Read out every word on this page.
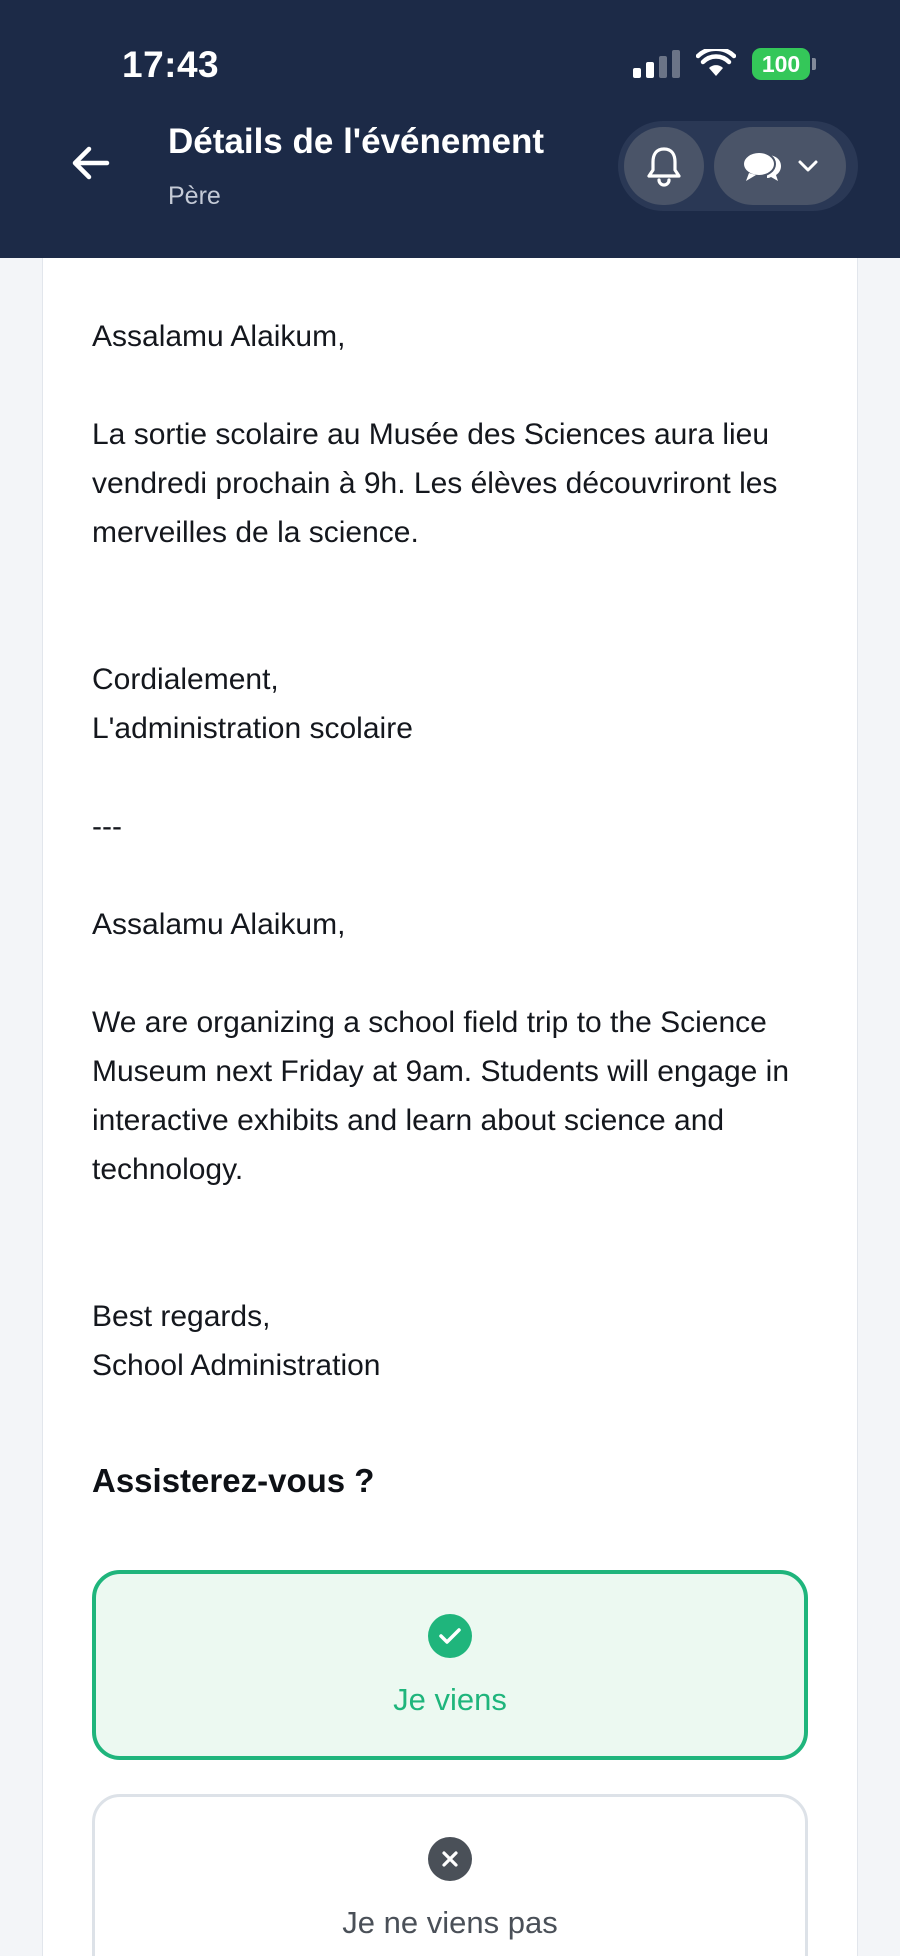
17:43	100
Détails de l'événement
Père
Assalamu Alaikum,

La sortie scolaire au Musée des Sciences aura lieu vendredi prochain à 9h. Les élèves découvriront les merveilles de la science.

Cordialement,
L'administration scolaire

---

Assalamu Alaikum,

We are organizing a school field trip to the Science Museum next Friday at 9am. Students will engage in interactive exhibits and learn about science and technology.

Best regards,
School Administration
Assisterez-vous ?
Je viens
Je ne viens pas
